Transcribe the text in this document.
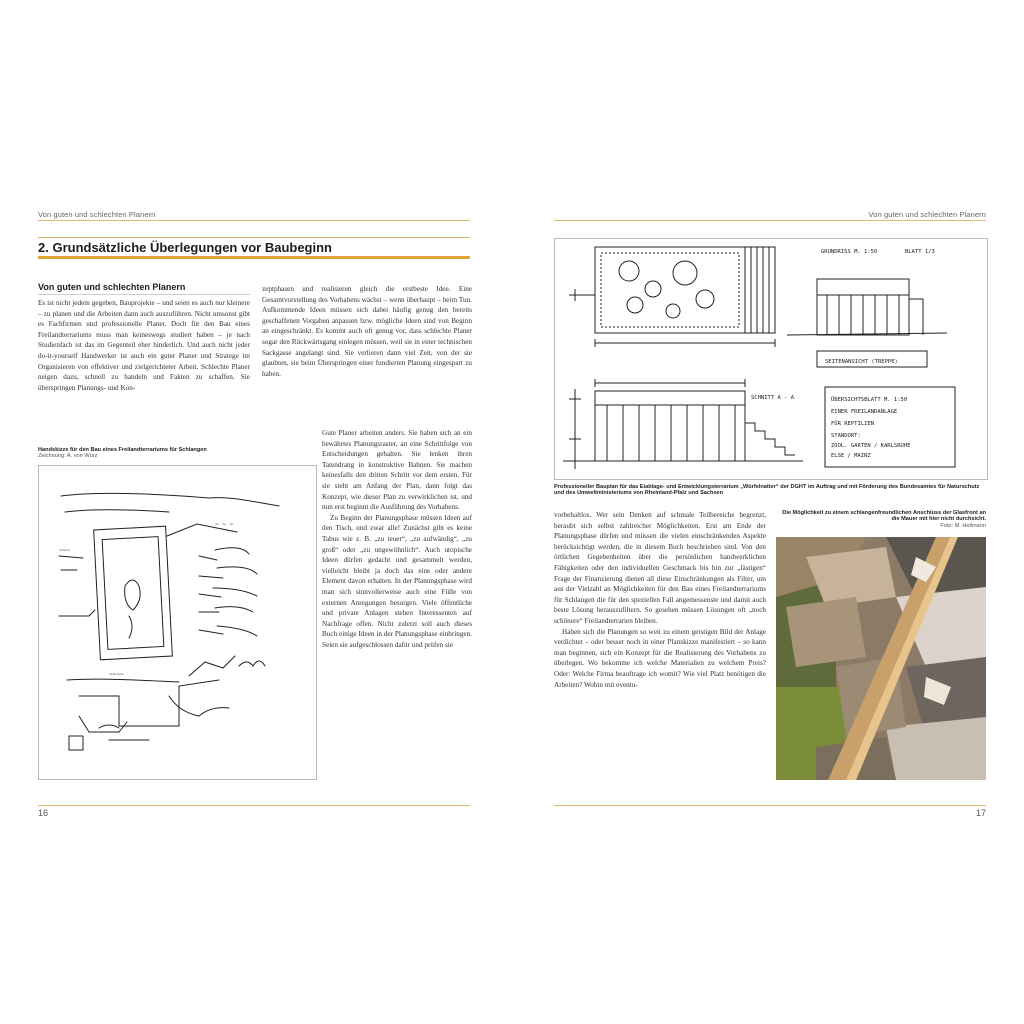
Von guten und schlechten Planern
2. Grundsätzliche Überlegungen vor Baubeginn
Von guten und schlechten Planern

Es ist nicht jedem gegeben, Bauprojekte – und seien es auch nur kleinere – zu planen und die Arbeiten dann auch auszuführen. Nicht umsonst gibt es Fachfirmen und professionelle Planer. Doch für den Bau eines Freilandterrariums muss man keineswegs studiert haben – je nach Studienfach ist das im Gegenteil eher hinderlich. Und auch nicht jeder do-it-yourself Handwerker ist auch ein guter Planer und Stratege im Organisieren von effektiver und zielgerichteter Arbeit. Schlechte Planer neigen dazu, schnell zu handeln und Fakten zu schaffen. Sie überspringen Planungs- und Kon-

Handskizze für den Bau eines Freilandterrariums für Schlangen
Zeichnung: A. von Würz
~ ~ ~
~~~
~~~~

zeptphasen und realisieren gleich die erstbeste Idee. Eine Gesamtvorstellung des Vorhabens wächst – wenn überhaupt – beim Tun. Aufkommende Ideen müssen sich dabei häufig genug den bereits geschaffenen Vorgaben anpassen bzw. mögliche Ideen sind von Beginn an eingeschränkt. Es kommt auch oft genug vor, dass schlechte Planer sogar den Rückwärtsgang einlegen müssen, weil sie in einer technischen Sackgasse angelangt sind. Sie verlieren dann viel Zeit, von der sie glaubten, sie beim Überspringen einer fundierten Planung eingespart zu haben.

Gute Planer arbeiten anders. Sie haben sich an ein bewährtes Planungsraster, an eine Schrittfolge von Entscheidungen gehalten. Sie lenken ihren Tatendrang in konstruktive Bahnen. Sie machen keinesfalls den dritten Schritt vor dem ersten. Für sie steht am Anfang der Plan, dann folgt das Konzept, wie dieser Plan zu verwirklichen ist, und nun erst beginnt die Ausführung des Vorhabens.

Zu Beginn der Planungsphase müssen Ideen auf den Tisch, und zwar alle! Zunächst gibt es keine Tabus wie z. B. „zu teuer“, „zu aufwändig“, „zu groß“ oder „zu ungewöhnlich“. Auch utopische Ideen dürfen gedacht und gesammelt werden, vielleicht bleibt ja doch das eine oder andere Element davon erhalten. In der Planungsphase wird man sich sinnvollerweise auch eine Fülle von externen Anregungen besorgen. Viele öffentliche und private Anlagen stehen Interessenten auf Nachfrage offen. Nicht zuletzt soll auch dieses Buch einige Ideen in der Planungsphase einbringen. Seien sie aufgeschlossen dafür und prüfen sie

16
Von guten und schlechten Planern
GRUNDRISS M. 1:50	BLATT 1/3
SEITENANSICHT (TREPPE)
SCHNITT A - A	ÜBERSICHTSBLATT M. 1:50
EINER FREILANDANLAGE
FÜR REPTILIEN
STANDORT:
ZOOL. GARTEN / KARLSRUHE
ELSE / MAINZ
Professioneller Bauplan für das Eiablage- und Entwicklungsterrarium „Würfelnatter“ der DGHT im Auftrag und mit Förderung des Bundesamtes für Naturschutz und des Umweltministeriums von Rheinland-Pfalz und Sachsen

vorbehaltlos. Wer sein Denken auf schmale Teilbereiche begrenzt, beraubt sich selbst zahlreicher Möglichkeiten. Erst am Ende der Planungsphase dürfen und müssen die vielen einschränkenden Aspekte berücksichtigt werden, die in diesem Buch beschrieben sind. Von den örtlichen Gegebenheiten über die persönlichen handwerklichen Fähigkeiten oder den individuellen Geschmack bis hin zur „lästigen“ Frage der Finanzierung dienen all diese Einschränkungen als Filter, um aus der Vielzahl an Möglichkeiten für den Bau eines Freilandterrariums für Schlangen die für den speziellen Fall angemessenste und damit auch beste Lösung herauszufiltern. So gesehen müssen Lösungen oft „noch schönere“ Freilandterrarien bleiben.

Haben sich die Planungen so weit zu einem geistigen Bild der Anlage verdichtet – oder besser noch in einer Planskizze manifestiert – so kann man beginnen, sich ein Konzept für die Realisierung des Vorhabens zu überlegen. Wo bekomme ich welche Materialien zu welchem Preis? Oder: Welche Firma beauftrage ich womit? Wie viel Platz benötigen die Arbeiten? Wohin mit eventu-

Die Möglichkeit zu einem schlangenfreundlichen Anschluss der Glasfront an die Mauer mit hier nicht durchsicht.
Foto: M. Hellmann
17
